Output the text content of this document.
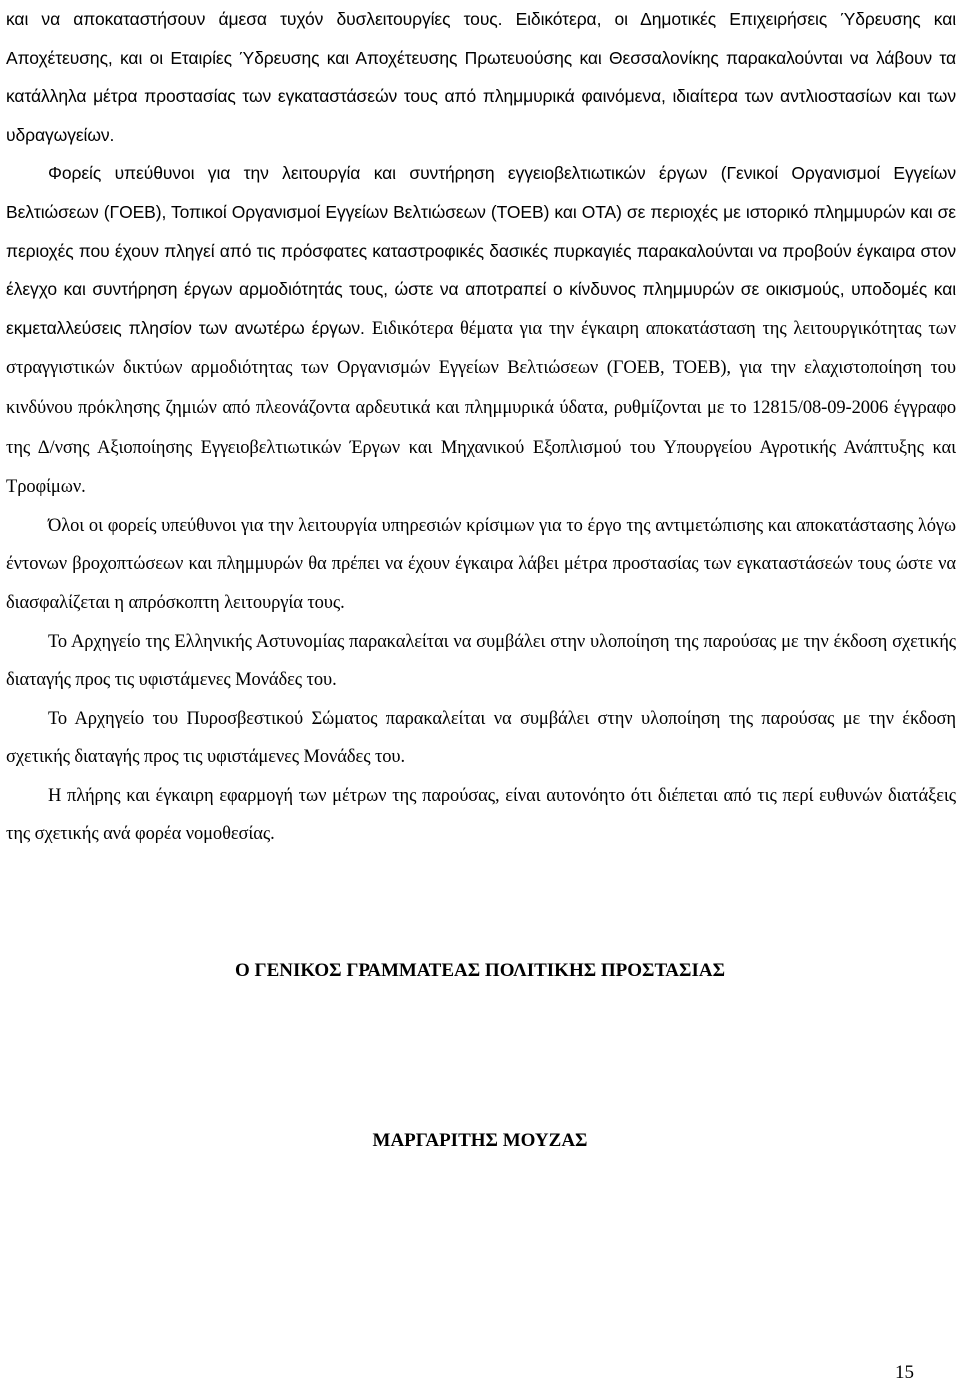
και να αποκαταστήσουν άμεσα τυχόν δυσλειτουργίες τους. Ειδικότερα, οι Δημοτικές Επιχειρήσεις Ύδρευσης και Αποχέτευσης, και οι Εταιρίες Ύδρευσης και Αποχέτευσης Πρωτευούσης και Θεσσαλονίκης παρακαλούνται να λάβουν τα κατάλληλα μέτρα προστασίας των εγκαταστάσεών τους από πλημμυρικά φαινόμενα, ιδιαίτερα των αντλιοστασίων και των υδραγωγείων.

Φορείς υπεύθυνοι για την λειτουργία και συντήρηση εγγειοβελτιωτικών έργων (Γενικοί Οργανισμοί Εγγείων Βελτιώσεων (ΓΟΕΒ), Τοπικοί Οργανισμοί Εγγείων Βελτιώσεων (ΤΟΕΒ) και ΟΤΑ) σε περιοχές με ιστορικό πλημμυρών και σε περιοχές που έχουν πληγεί από τις πρόσφατες καταστροφικές δασικές πυρκαγιές παρακαλούνται να προβούν έγκαιρα στον έλεγχο και συντήρηση έργων αρμοδιότητάς τους, ώστε να αποτραπεί ο κίνδυνος πλημμυρών σε οικισμούς, υποδομές και εκμεταλλεύσεις πλησίον των ανωτέρω έργων. Ειδικότερα θέματα για την έγκαιρη αποκατάσταση της λειτουργικότητας των στραγγιστικών δικτύων αρμοδιότητας των Οργανισμών Εγγείων Βελτιώσεων (ΓΟΕΒ, ΤΟΕΒ), για την ελαχιστοποίηση του κινδύνου πρόκλησης ζημιών από πλεονάζοντα αρδευτικά και πλημμυρικά ύδατα, ρυθμίζονται με το 12815/08-09-2006 έγγραφο της Δ/νσης Αξιοποίησης Εγγειοβελτιωτικών Έργων και Μηχανικού Εξοπλισμού του Υπουργείου Αγροτικής Ανάπτυξης και Τροφίμων.

Όλοι οι φορείς υπεύθυνοι για την λειτουργία υπηρεσιών κρίσιμων για το έργο της αντιμετώπισης και αποκατάστασης λόγω έντονων βροχοπτώσεων και πλημμυρών θα πρέπει να έχουν έγκαιρα λάβει μέτρα προστασίας των εγκαταστάσεών τους ώστε να διασφαλίζεται η απρόσκοπτη λειτουργία τους.

Το Αρχηγείο της Ελληνικής Αστυνομίας παρακαλείται να συμβάλει στην υλοποίηση της παρούσας με την έκδοση σχετικής διαταγής προς τις υφιστάμενες Μονάδες του.

Το Αρχηγείο του Πυροσβεστικού Σώματος παρακαλείται να συμβάλει στην υλοποίηση της παρούσας με την έκδοση σχετικής διαταγής προς τις υφιστάμενες Μονάδες του.

Η πλήρης και έγκαιρη εφαρμογή των μέτρων της παρούσας, είναι αυτονόητο ότι διέπεται από τις περί ευθυνών διατάξεις της σχετικής ανά φορέα νομοθεσίας.

Ο ΓΕΝΙΚΟΣ ΓΡΑΜΜΑΤΕΑΣ ΠΟΛΙΤΙΚΗΣ ΠΡΟΣΤΑΣΙΑΣ

ΜΑΡΓΑΡΙΤΗΣ ΜΟΥΖΑΣ

15
